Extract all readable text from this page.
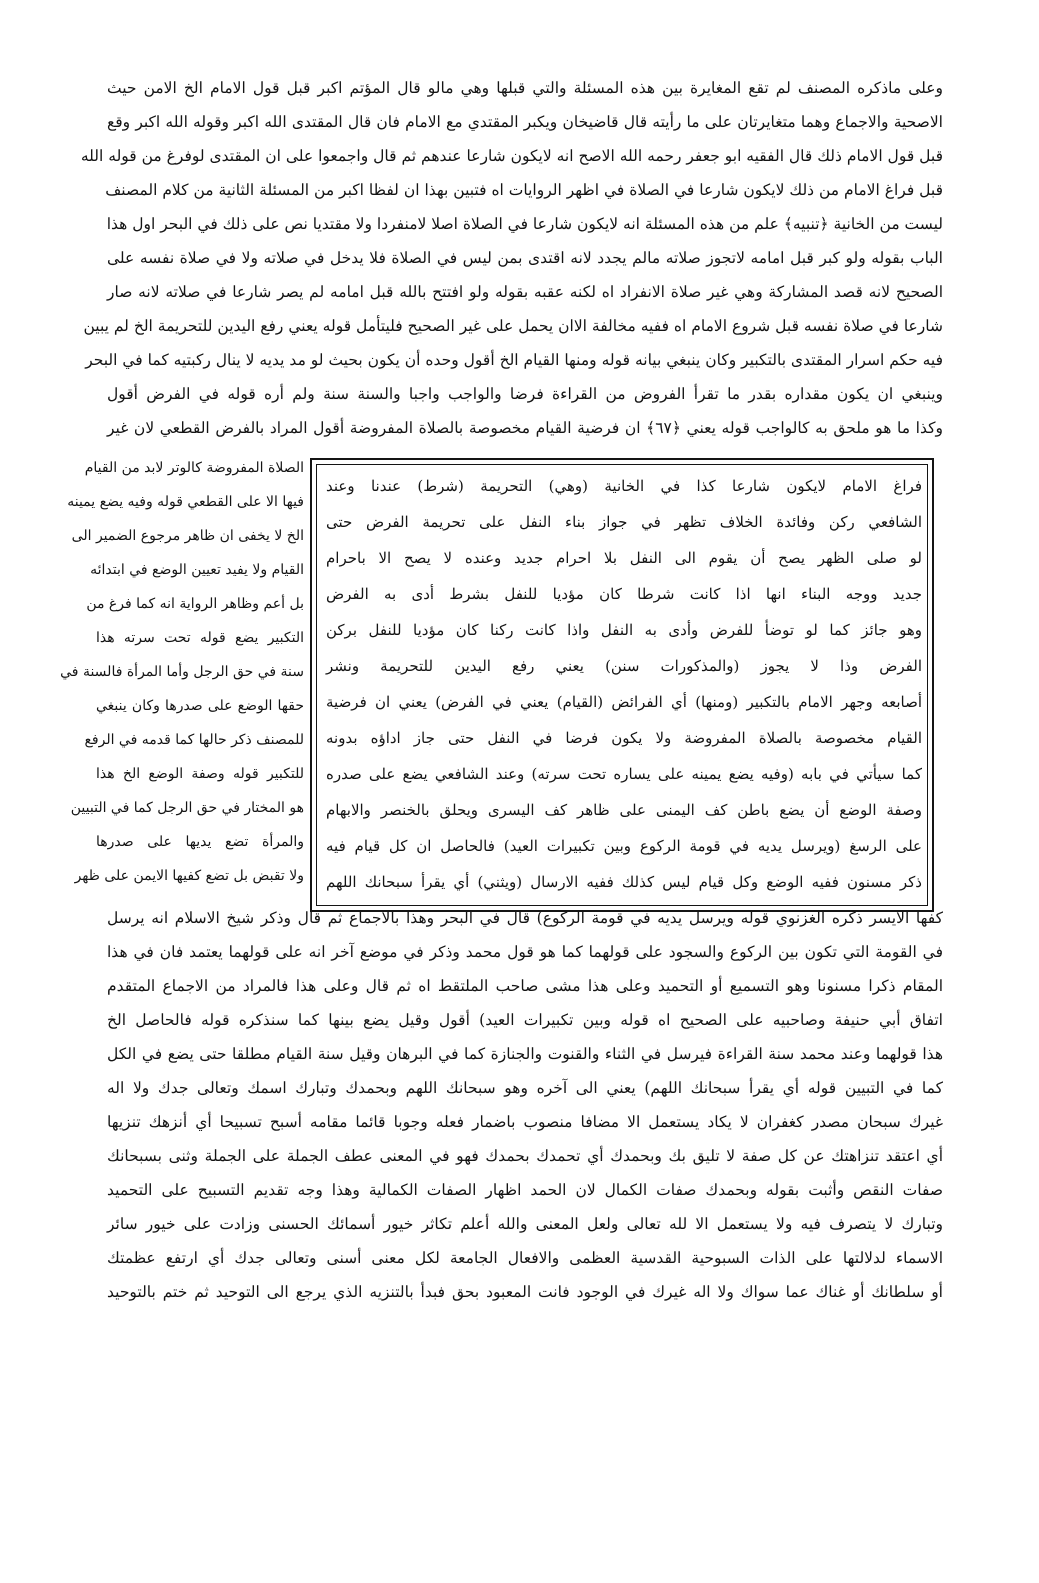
وعلى ماذكره المصنف لم تقع المغايرة بين هذه المسئلة والتي قبلها وهي مالو قال المؤتم اكبر قبل قول الامام الخ الامن حيث
الاصحية والاجماع وهما متغايرتان على ما رأيته قال قاضيخان ويكبر المقتدي مع الامام فان قال المقتدى الله اكبر وقوله الله اكبر وقع
قبل قول الامام ذلك قال الفقيه ابو جعفر رحمه الله الاصح انه لايكون شارعا عندهم ثم قال واجمعوا على ان المقتدى لوفرغ من قوله الله
قبل فراغ الامام من ذلك لايكون شارعا في الصلاة في اظهر الروايات اه فتبين بهذا ان لفظا اكبر من المسئلة الثانية من كلام المصنف
ليست من الخانية ﴿تنبيه﴾ علم من هذه المسئلة انه لايكون شارعا في الصلاة اصلا لامنفردا ولا مقتديا نص على ذلك في البحر اول هذا
الباب بقوله ولو كبر قبل امامه لاتجوز صلاته مالم يجدد لانه اقتدى بمن ليس في الصلاة فلا يدخل في صلاته ولا في صلاة نفسه على
الصحيح لانه قصد المشاركة وهي غير صلاة الانفراد اه لكنه عقبه بقوله ولو افتتح بالله قبل امامه لم يصر شارعا في صلاته لانه صار
شارعا في صلاة نفسه قبل شروع الامام اه ففيه مخالفة الاان يحمل على غير الصحيح فليتأمل قوله يعني رفع اليدين للتحريمة الخ لم يبين
فيه حكم اسرار المقتدى بالتكبير وكان ينبغي بيانه قوله ومنها القيام الخ أقول وحده أن يكون بحيث لو مد يديه لا ينال ركبتيه كما في البحر
وينبغي ان يكون مقداره بقدر ما تقرأ الفروض من القراءة فرضا والواجب واجبا والسنة سنة ولم أره قوله في الفرض أقول
وكذا ما هو ملحق به كالواجب قوله يعني ﴿٦٧﴾ ان فرضية القيام مخصوصة بالصلاة المفروضة أقول المراد بالفرض القطعي لان غير
فراغ الامام لايكون شارعا كذا في الخانية (وهي) التحريمة (شرط) عندنا وعند
الشافعي ركن وفائدة الخلاف تظهر في جواز بناء النفل على تحريمة الفرض حتى
لو صلى الظهر يصح أن يقوم الى النفل بلا احرام جديد وعنده لا يصح الا باحرام
جديد ووجه البناء انها اذا كانت شرطا كان مؤديا للنفل بشرط أدى به الفرض
وهو جائز كما لو توضأ للفرض وأدى به النفل واذا كانت ركنا كان مؤديا للنفل بركن
الفرض وذا لا يجوز (والمذكورات سنن) يعني رفع اليدين للتحريمة ونشر
أصابعه وجهر الامام بالتكبير (ومنها) أي الفرائض (القيام) يعني في الفرض) يعني ان فرضية
القيام مخصوصة بالصلاة المفروضة ولا يكون فرضا في النفل حتى جاز اداؤه بدونه
كما سيأتي في بابه (وفيه يضع يمينه على يساره تحت سرته) وعند الشافعي يضع على صدره
وصفة الوضع أن يضع باطن كف اليمنى على ظاهر كف اليسرى ويحلق بالخنصر والابهام
على الرسغ (ويرسل يديه في قومة الركوع وبين تكبيرات العيد) فالحاصل ان كل قيام فيه
ذكر مسنون ففيه الوضع وكل قيام ليس كذلك ففيه الارسال (ويثني) أي يقرأ سبحانك اللهم
الصلاة المفروضة كالوتر لابد من القيام
فيها الا على القطعي قوله وفيه يضع يمينه
الخ لا يخفى ان ظاهر مرجوع الضمير الى
القيام ولا يفيد تعيين الوضع في ابتدائه
بل أعم وظاهر الرواية انه كما فرغ من
التكبير يضع قوله تحت سرته هذا
سنة في حق الرجل وأما المرأة فالسنة في
حقها الوضع على صدرها وكان ينبغي
للمصنف ذكر حالها كما قدمه في الرفع
للتكبير قوله وصفة الوضع الخ هذا
هو المختار في حق الرجل كما في التبيين
والمرأة تضع يديها على صدرها
ولا تقبض بل تضع كفيها الايمن على ظهر
كفها الايسر ذكره الغزنوي قوله ويرسل يديه في قومة الركوع) قال في البحر وهذا بالاجماع ثم قال وذكر شيخ الاسلام انه يرسل
في القومة التي تكون بين الركوع والسجود على قولهما كما هو قول محمد وذكر في موضع آخر انه على قولهما يعتمد فان في هذا
المقام ذكرا مسنونا وهو التسميع أو التحميد وعلى هذا مشى صاحب الملتقط اه ثم قال وعلى هذا فالمراد من الاجماع المتقدم
اتفاق أبي حنيفة وصاحبيه على الصحيح اه قوله وبين تكبيرات العيد) أقول وقيل يضع بينها كما سنذكره قوله فالحاصل الخ
هذا قولهما وعند محمد سنة القراءة فيرسل في الثناء والقنوت والجنازة كما في البرهان وقيل سنة القيام مطلقا حتى يضع في الكل
كما في التبيين قوله أي يقرأ سبحانك اللهم) يعني الى آخره وهو سبحانك اللهم وبحمدك وتبارك اسمك وتعالى جدك ولا اله
غيرك سبحان مصدر كغفران لا يكاد يستعمل الا مضافا منصوب باضمار فعله وجوبا قائما مقامه أسبح تسبيحا أي أنزهك تنزيها
أي اعتقد تنزاهتك عن كل صفة لا تليق بك وبحمدك أي تحمدك بحمدك فهو في المعنى عطف الجملة على الجملة وثنى بسبحانك
صفات النقص وأثبت بقوله وبحمدك صفات الكمال لان الحمد اظهار الصفات الكمالية وهذا وجه تقديم التسبيح على التحميد
وتبارك لا يتصرف فيه ولا يستعمل الا لله تعالى ولعل المعنى والله أعلم تكاثر خيور أسمائك الحسنى وزادت على خيور سائر
الاسماء لدلالتها على الذات السبوحية القدسية العظمى والافعال الجامعة لكل معنى أسنى وتعالى جدك أي ارتفع عظمتك
أو سلطانك أو غناك عما سواك ولا اله غيرك في الوجود فانت المعبود بحق فبدأ بالتنزيه الذي يرجع الى التوحيد ثم ختم بالتوحيد
